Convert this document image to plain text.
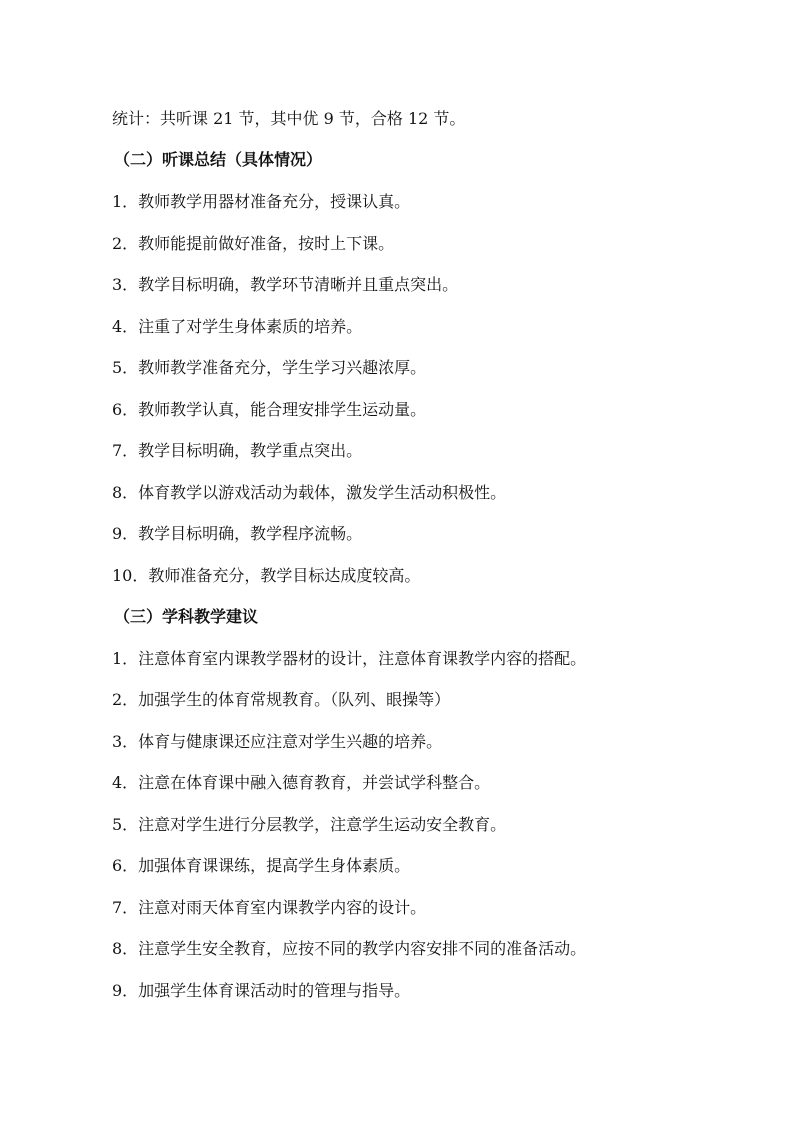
统计：共听课 21 节，其中优 9 节，合格 12 节。
（二）听课总结（具体情况）
1．教师教学用器材准备充分，授课认真。
2．教师能提前做好准备，按时上下课。
3．教学目标明确，教学环节清晰并且重点突出。
4．注重了对学生身体素质的培养。
5．教师教学准备充分，学生学习兴趣浓厚。
6．教师教学认真，能合理安排学生运动量。
7．教学目标明确，教学重点突出。
8．体育教学以游戏活动为载体，激发学生活动积极性。
9．教学目标明确，教学程序流畅。
10．教师准备充分，教学目标达成度较高。
（三）学科教学建议
1．注意体育室内课教学器材的设计，注意体育课教学内容的搭配。
2．加强学生的体育常规教育。（队列、眼操等）
3．体育与健康课还应注意对学生兴趣的培养。
4．注意在体育课中融入德育教育，并尝试学科整合。
5．注意对学生进行分层教学，注意学生运动安全教育。
6．加强体育课课练，提高学生身体素质。
7．注意对雨天体育室内课教学内容的设计。
8．注意学生安全教育，应按不同的教学内容安排不同的准备活动。
9．加强学生体育课活动时的管理与指导。
